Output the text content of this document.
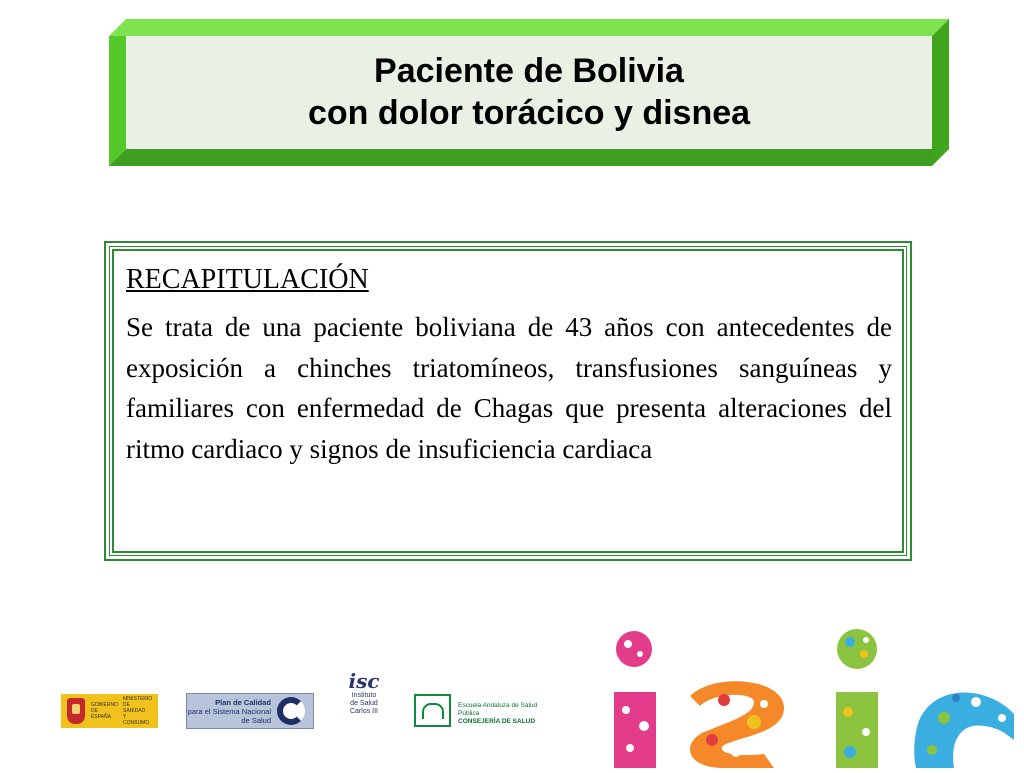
Paciente de Bolivia
con dolor torácico y disnea
RECAPITULACIÓN

Se trata de una paciente boliviana de 43 años con antecedentes de exposición a chinches triatomíneos, transfusiones sanguíneas y familiares con enfermedad de Chagas que presenta alteraciones del ritmo cardiaco y signos de insuficiencia cardiaca

GOBIERNO DE ESPAÑA
MINISTERIO DE SANIDAD Y CONSUMO
Plan de Calidad
para el Sistema Nacional
de Salud
isc
Instituto
de Salud
Carlos III
Escuela Andaluza de Salud Pública
CONSEJERÍA DE SALUD
